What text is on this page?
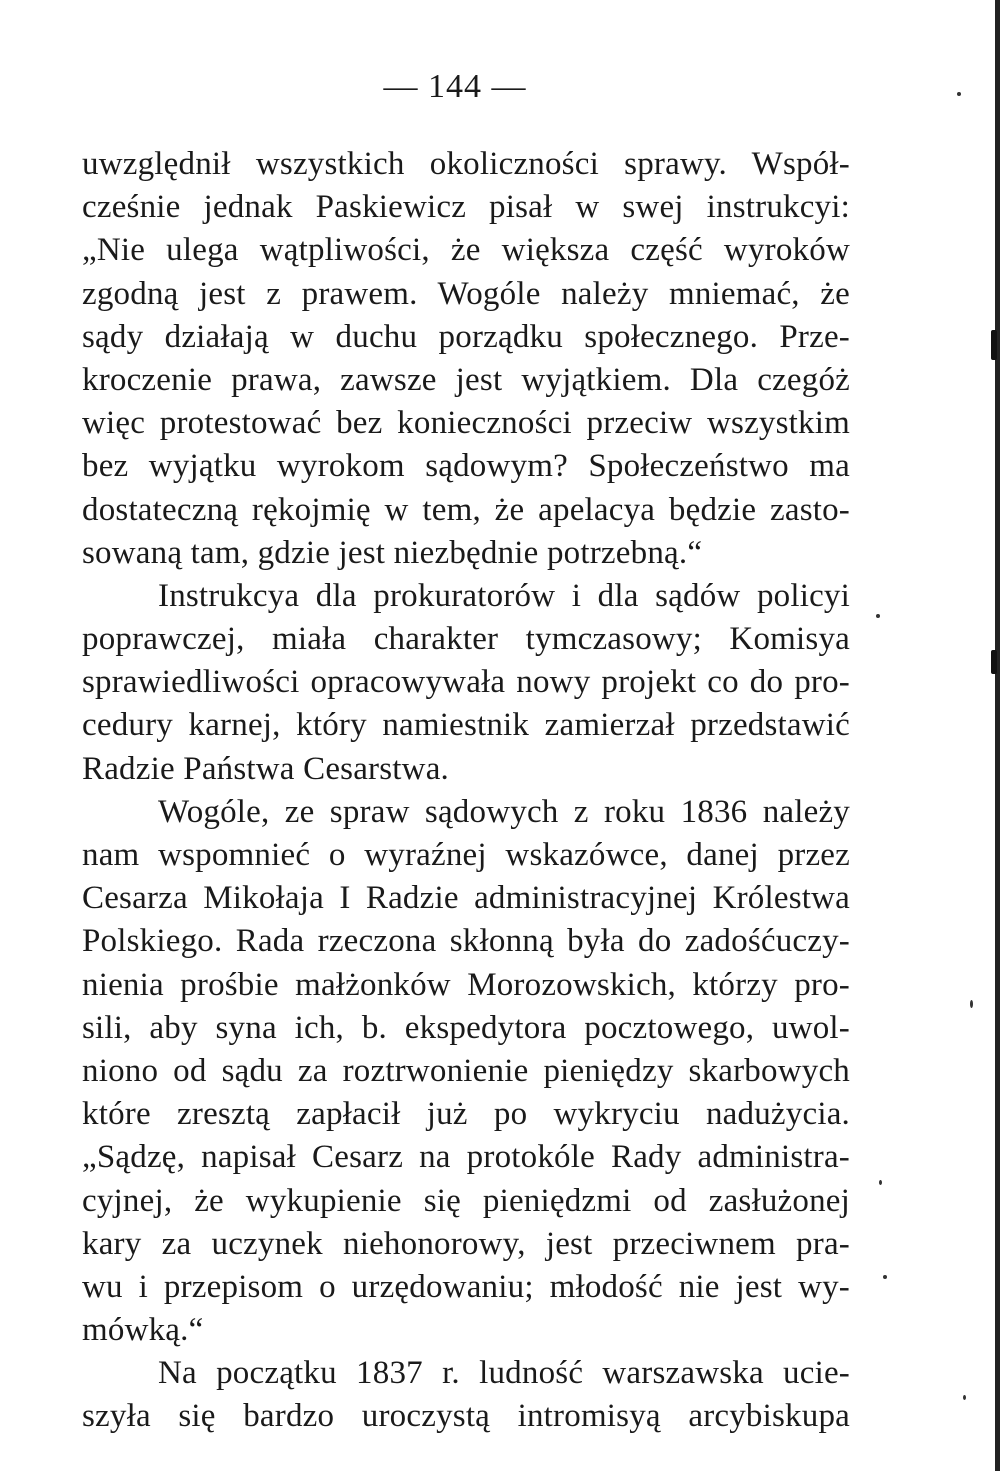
— 144 —
uwzględnił wszystkich okoliczności sprawy. Współ-
cześnie jednak Paskiewicz pisał w swej instrukcyi:
„Nie ulega wątpliwości, że większa część wyroków
zgodną jest z prawem. Wogóle należy mniemać, że
sądy działają w duchu porządku społecznego. Prze-
kroczenie prawa, zawsze jest wyjątkiem. Dla czegóż
więc protestować bez konieczności przeciw wszystkim
bez wyjątku wyrokom sądowym? Społeczeństwo ma
dostateczną rękojmię w tem, że apelacya będzie zasto-
sowaną tam, gdzie jest niezbędnie potrzebną.“
Instrukcya dla prokuratorów i dla sądów policyi
poprawczej, miała charakter tymczasowy; Komisya
sprawiedliwości opracowywała nowy projekt co do pro-
cedury karnej, który namiestnik zamierzał przedstawić
Radzie Państwa Cesarstwa.
Wogóle, ze spraw sądowych z roku 1836 należy
nam wspomnieć o wyraźnej wskazówce, danej przez
Cesarza Mikołaja I Radzie administracyjnej Królestwa
Polskiego. Rada rzeczona skłonną była do zadośćuczy-
nienia prośbie małżonków Morozowskich, którzy pro-
sili, aby syna ich, b. ekspedytora pocztowego, uwol-
niono od sądu za roztrwonienie pieniędzy skarbowych
które zresztą zapłacił już po wykryciu nadużycia.
„Sądzę, napisał Cesarz na protokóle Rady administra-
cyjnej, że wykupienie się pieniędzmi od zasłużonej
kary za uczynek niehonorowy, jest przeciwnem pra-
wu i przepisom o urzędowaniu; młodość nie jest wy-
mówką.“
Na początku 1837 r. ludność warszawska ucie-
szyła się bardzo uroczystą intromisyą arcybiskupa
